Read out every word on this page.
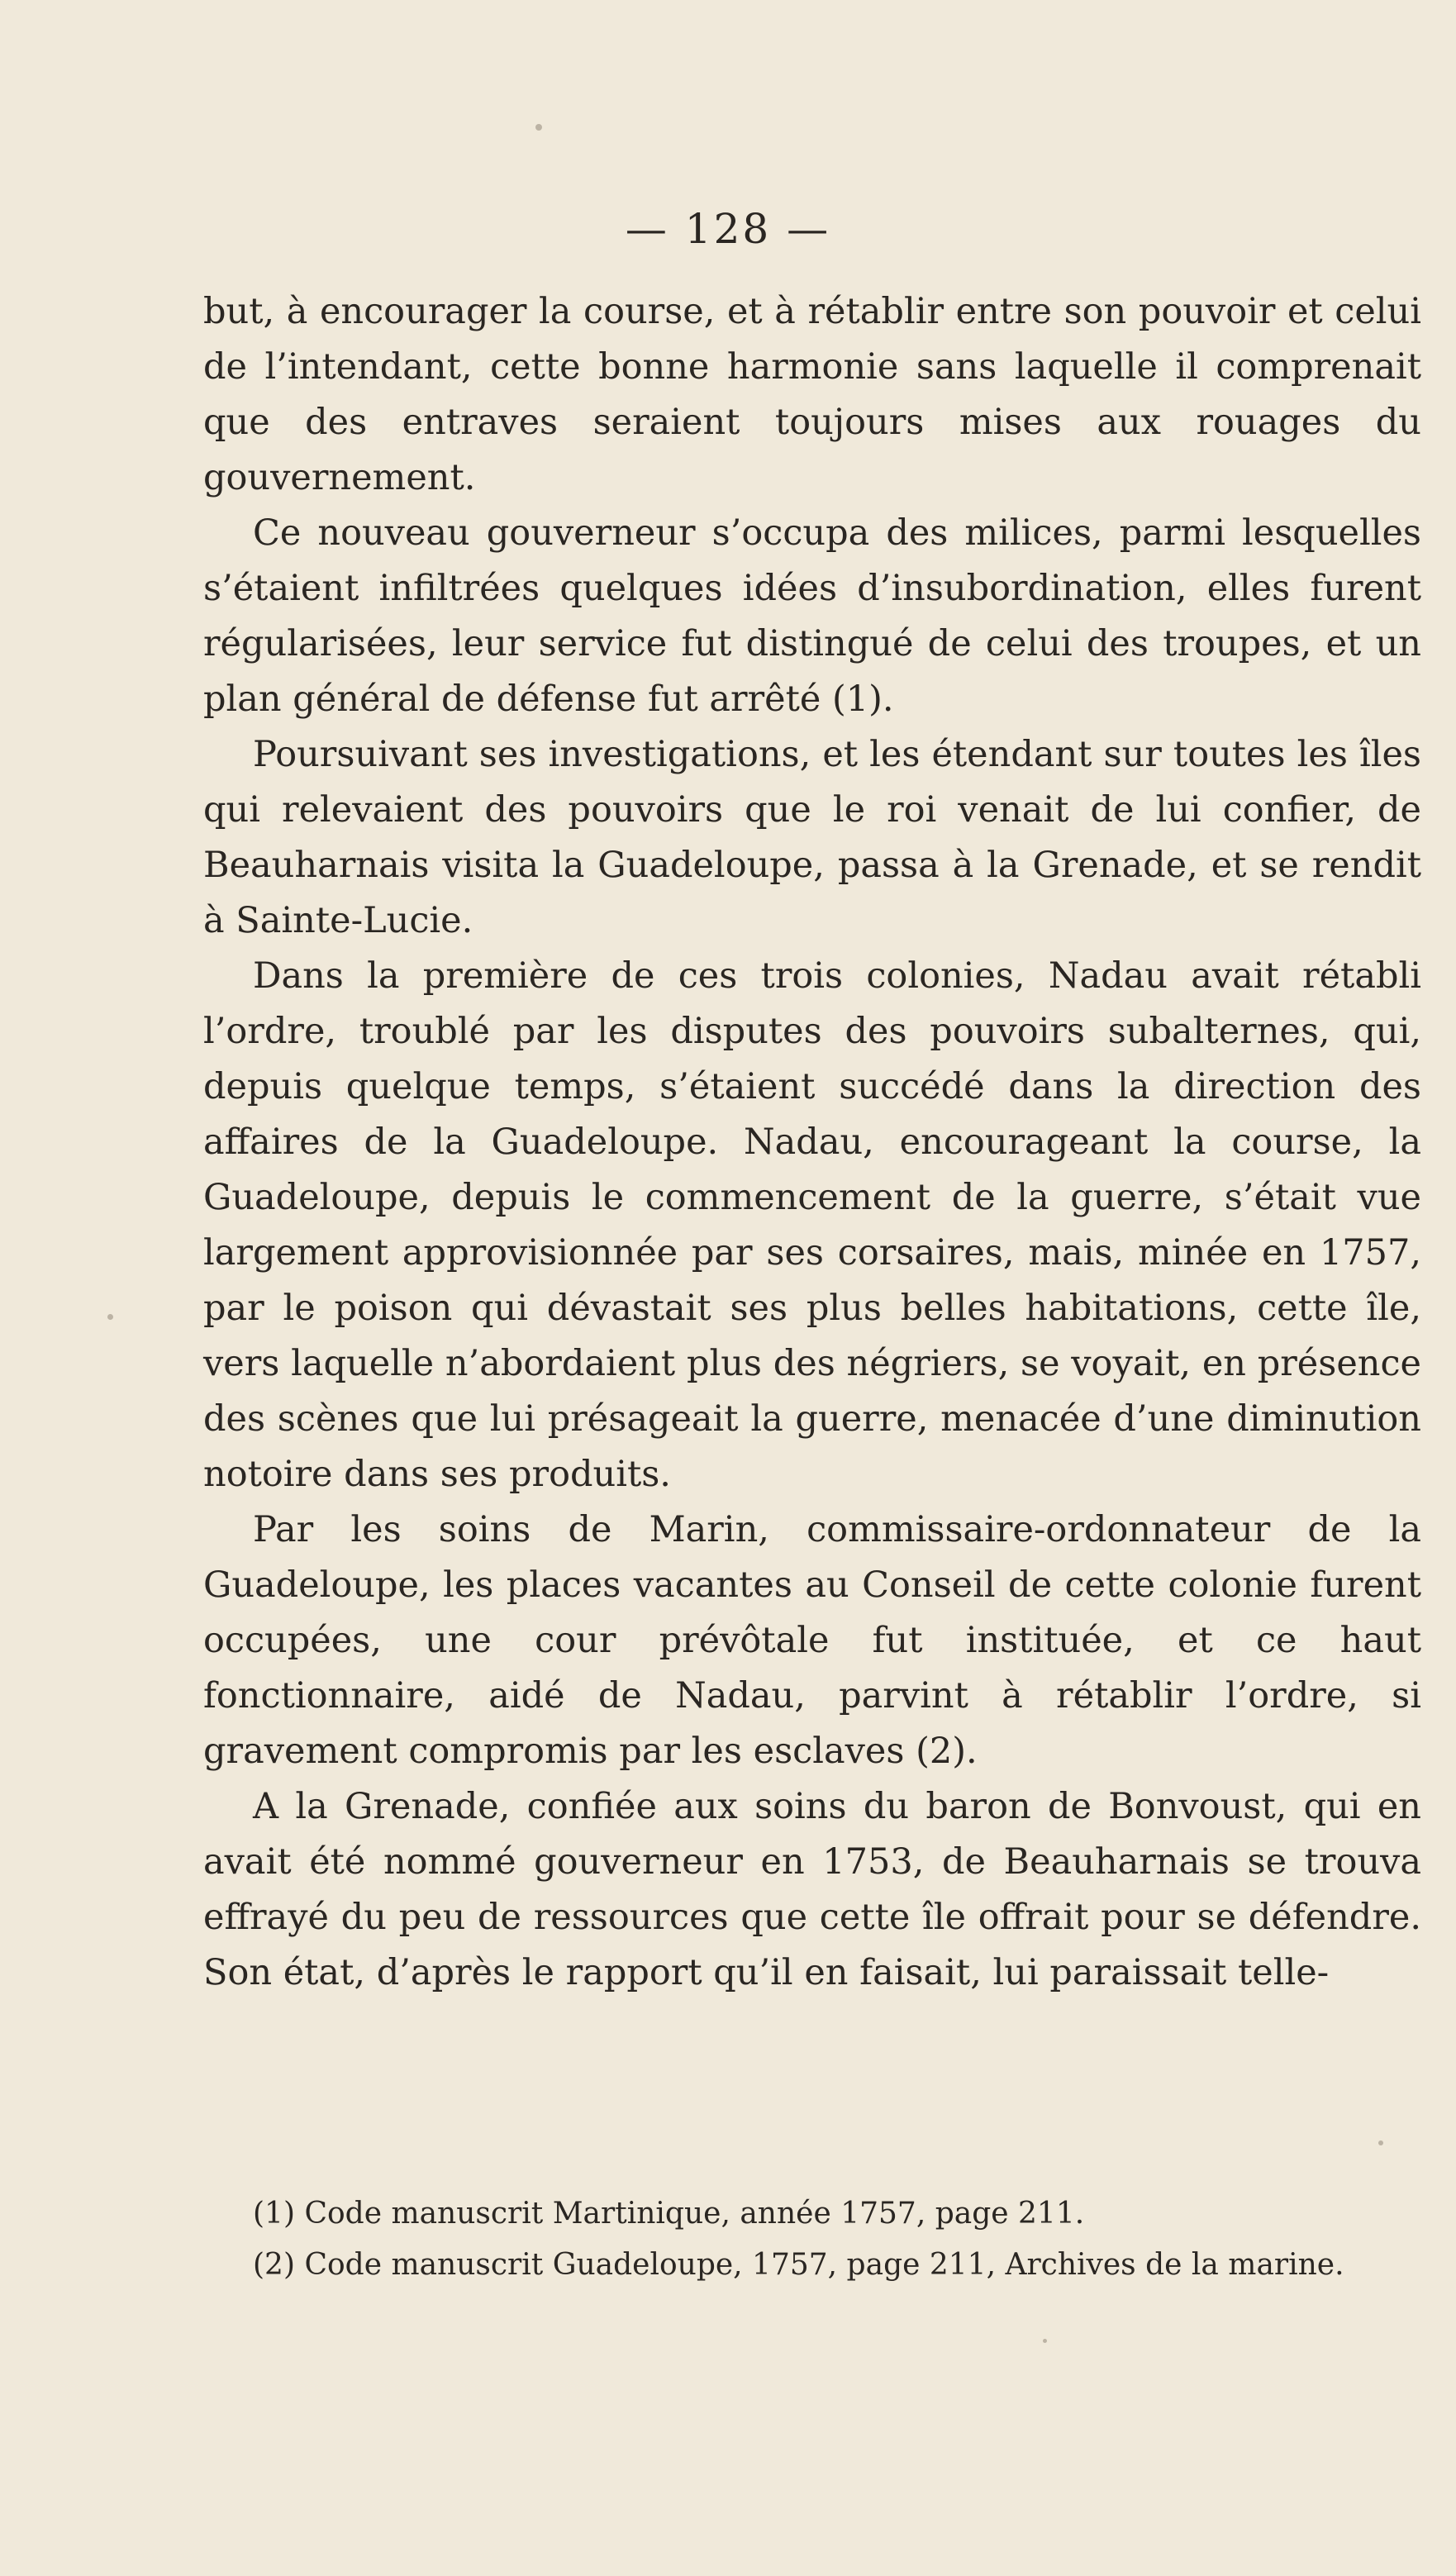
— 128 —

but, à encourager la course, et à rétablir entre son pouvoir et celui de l’intendant, cette bonne harmonie sans laquelle il comprenait que des entraves seraient toujours mises aux rouages du gouvernement.

Ce nouveau gouverneur s’occupa des milices, parmi lesquelles s’étaient infiltrées quelques idées d’insubordination, elles furent régularisées, leur service fut distingué de celui des troupes, et un plan général de défense fut arrêté (1).

Poursuivant ses investigations, et les étendant sur toutes les îles qui relevaient des pouvoirs que le roi venait de lui confier, de Beauharnais visita la Guadeloupe, passa à la Grenade, et se rendit à Sainte-Lucie.

Dans la première de ces trois colonies, Nadau avait rétabli l’ordre, troublé par les disputes des pouvoirs subalternes, qui, depuis quelque temps, s’étaient succédé dans la direction des affaires de la Guadeloupe. Nadau, encourageant la course, la Guadeloupe, depuis le commencement de la guerre, s’était vue largement approvisionnée par ses corsaires, mais, minée en 1757, par le poison qui dévastait ses plus belles habitations, cette île, vers laquelle n’abordaient plus des négriers, se voyait, en présence des scènes que lui présageait la guerre, menacée d’une diminution notoire dans ses produits.

Par les soins de Marin, commissaire-ordonnateur de la Guadeloupe, les places vacantes au Conseil de cette colonie furent occupées, une cour prévôtale fut instituée, et ce haut fonctionnaire, aidé de Nadau, parvint à rétablir l’ordre, si gravement compromis par les esclaves (2).

A la Grenade, confiée aux soins du baron de Bonvoust, qui en avait été nommé gouverneur en 1753, de Beauharnais se trouva effrayé du peu de ressources que cette île offrait pour se défendre. Son état, d’après le rapport qu’il en faisait, lui paraissait telle-

(1) Code manuscrit Martinique, année 1757, page 211.

(2) Code manuscrit Guadeloupe, 1757, page 211, Archives de la marine.
